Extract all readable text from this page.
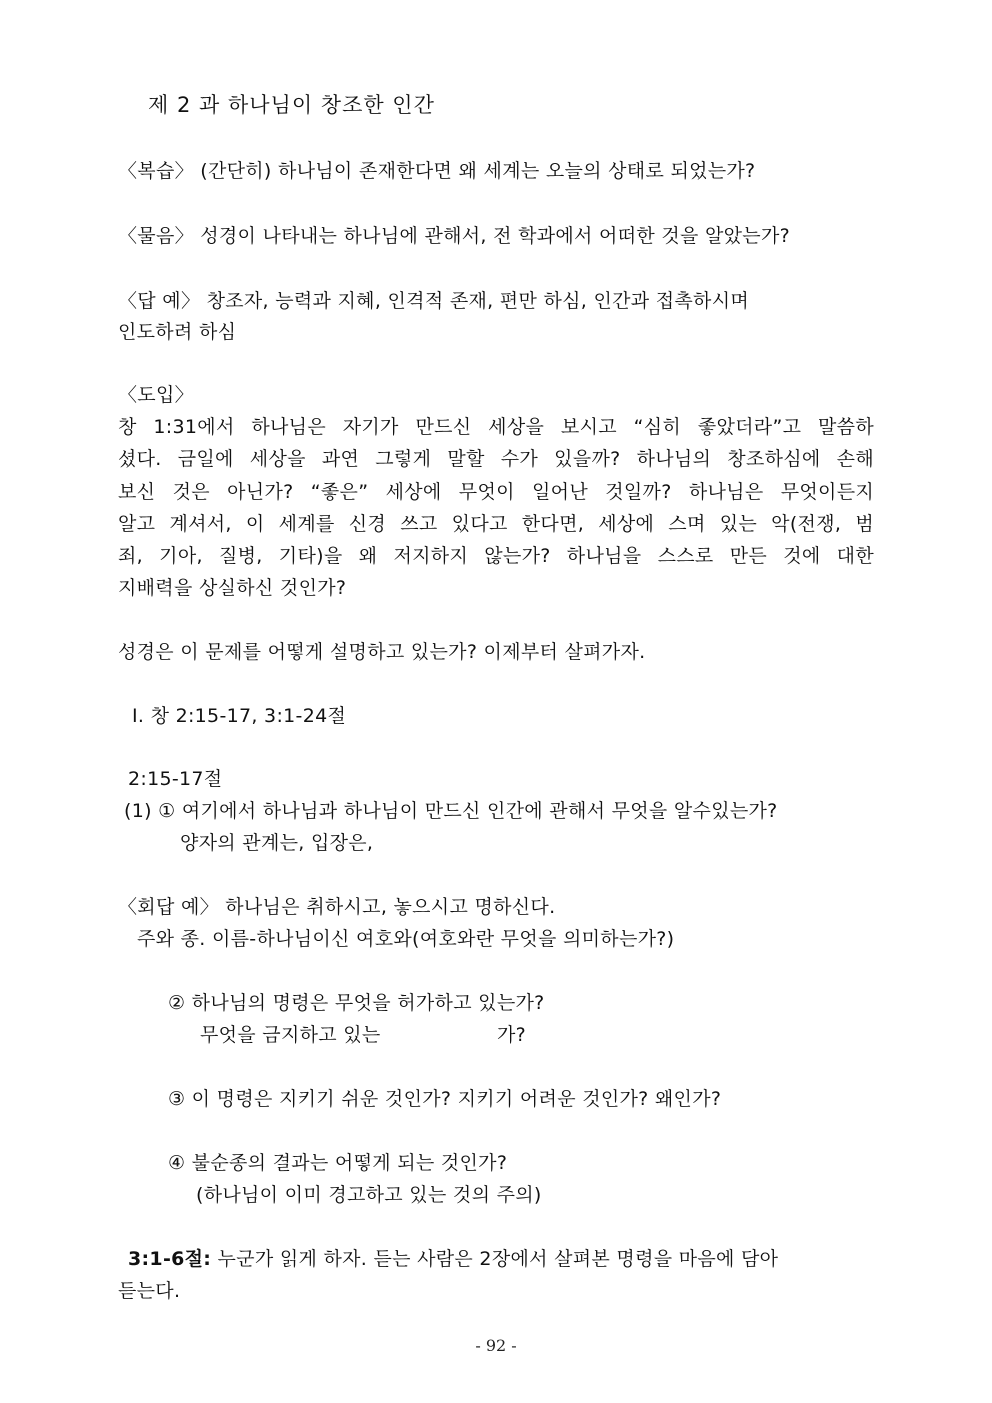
제 2 과 하나님이 창조한 인간
〈복습〉 (간단히) 하나님이 존재한다면 왜 세계는 오늘의 상태로 되었는가?
〈물음〉 성경이 나타내는 하나님에 관해서, 전 학과에서 어떠한 것을 알았는가?
〈답 예〉 창조자, 능력과 지혜, 인격적 존재, 편만 하심, 인간과 접촉하시며
인도하려 하심
〈도입〉
창 1:31에서 하나님은 자기가 만드신 세상을 보시고 “심히 좋았더라”고 말씀하
셨다. 금일에 세상을 과연 그렇게 말할 수가 있을까? 하나님의 창조하심에 손해
보신 것은 아닌가? “좋은” 세상에 무엇이 일어난 것일까? 하나님은 무엇이든지
알고 계셔서, 이 세계를 신경 쓰고 있다고 한다면, 세상에 스며 있는 악(전쟁, 범
죄, 기아, 질병, 기타)을 왜 저지하지 않는가? 하나님을 스스로 만든 것에 대한
지배력을 상실하신 것인가?
성경은 이 문제를 어떻게 설명하고 있는가? 이제부터 살펴가자.
Ⅰ. 창 2:15-17, 3:1-24절
2:15-17절
(1) ① 여기에서 하나님과 하나님이 만드신 인간에 관해서 무엇을 알수있는가?
양자의 관계는, 입장은,
〈회답 예〉 하나님은 취하시고, 놓으시고 명하신다.
주와 종. 이름-하나님이신 여호와(여호와란 무엇을 의미하는가?)
② 하나님의 명령은 무엇을 허가하고 있는가?
무엇을 금지하고 있는	가?
③ 이 명령은 지키기 쉬운 것인가? 지키기 어려운 것인가? 왜인가?
④ 불순종의 결과는 어떻게 되는 것인가?
(하나님이 이미 경고하고 있는 것의 주의)
3:1-6절: 누군가 읽게 하자. 듣는 사람은 2장에서 살펴본 명령을 마음에 담아
듣는다.
- 92 -
